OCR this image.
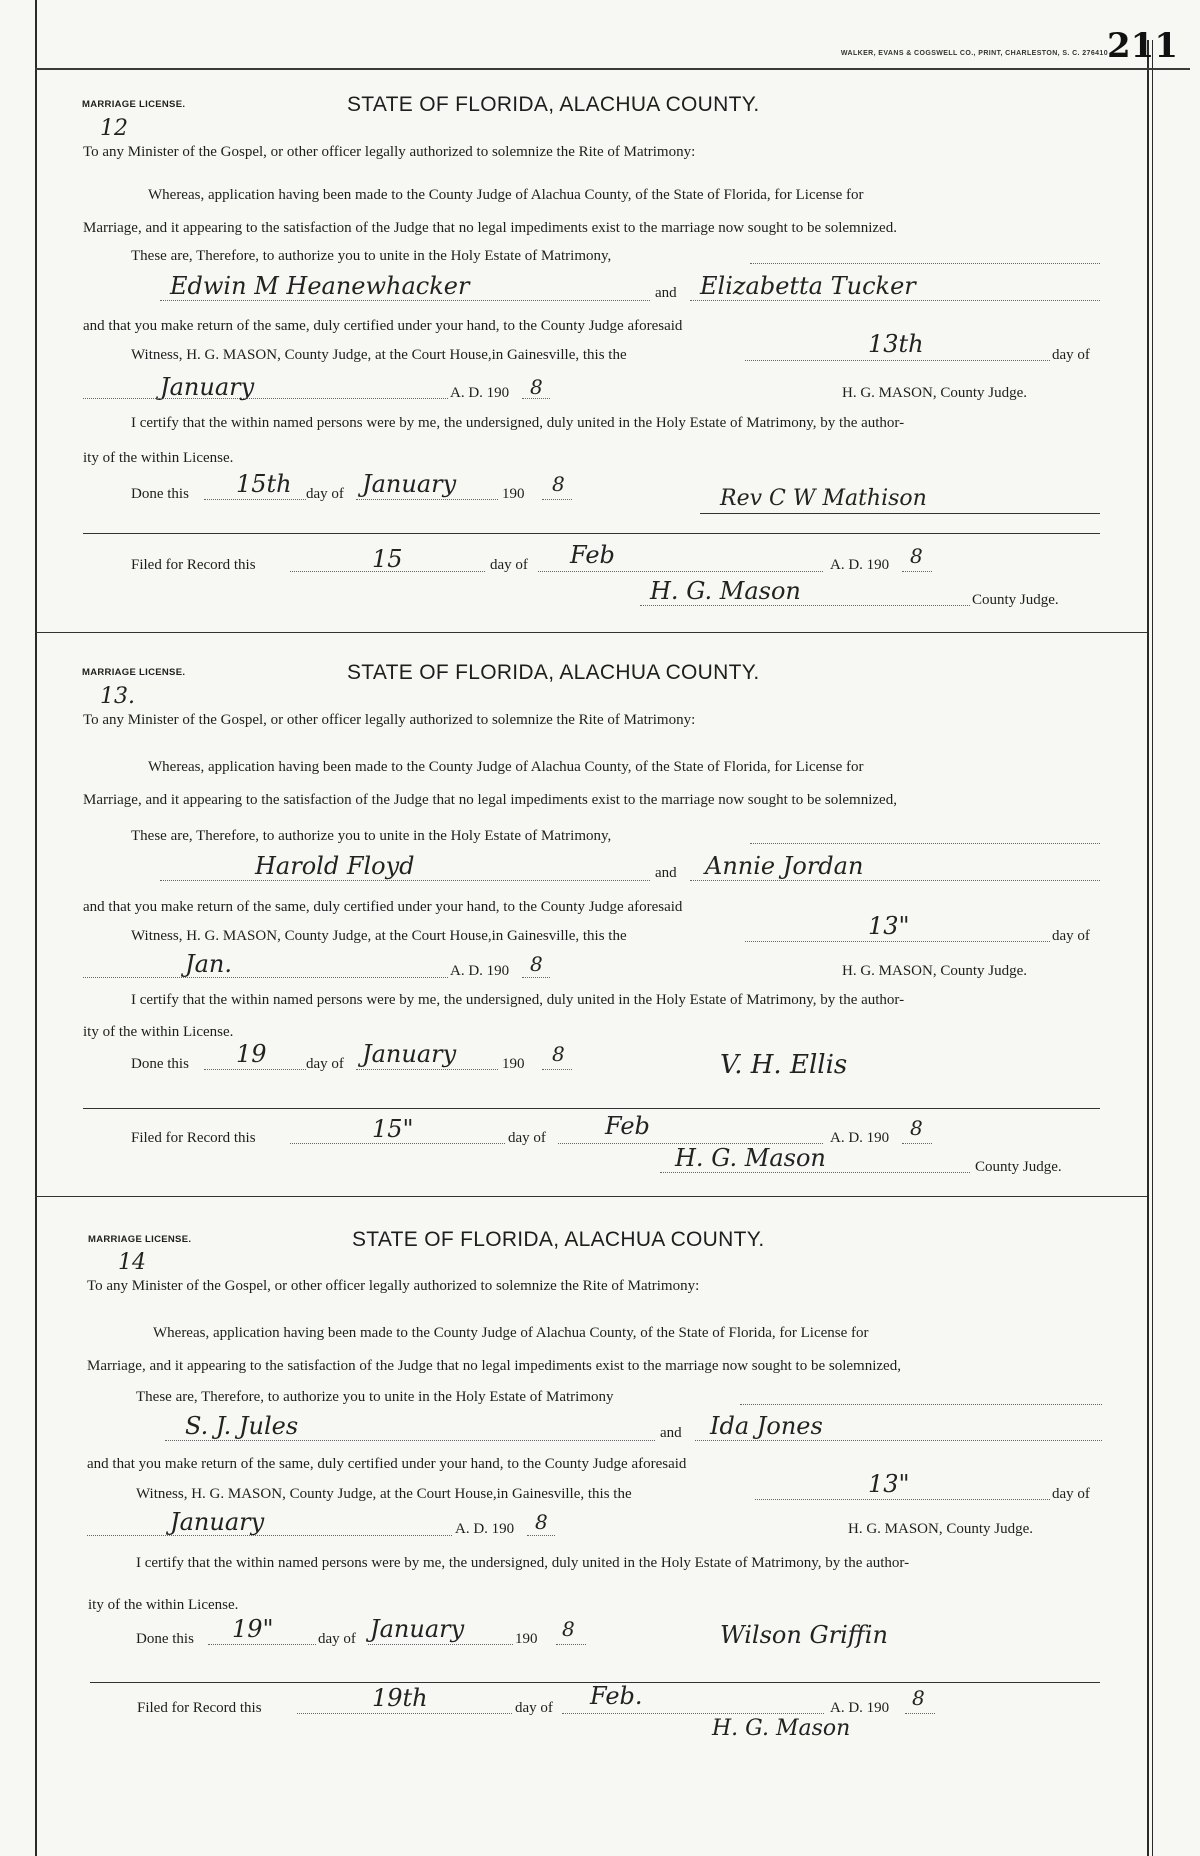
WALKER, EVANS & COGSWELL CO., PRINT, CHARLESTON, S. C. 276410 211
MARRIAGE LICENSE.	STATE OF FLORIDA, ALACHUA COUNTY.
12
To any Minister of the Gospel, or other officer legally authorized to solemnize the Rite of Matrimony:
Whereas, application having been made to the County Judge of Alachua County, of the State of Florida, for License for
Marriage, and it appearing to the satisfaction of the Judge that no legal impediments exist to the marriage now sought to be solemnized.
These are, Therefore, to authorize you to unite in the Holy Estate of Matrimony,
Edwin M Heanewhacker	and Elizabetta Tucker
and that you make return of the same, duly certified under your hand, to the County Judge aforesaid
Witness, H. G. MASON, County Judge, at the Court House,in Gainesville, this the	13th	day of
January	A. D. 190 8	H. G. MASON, County Judge.
I certify that the within named persons were by me, the undersigned, duly united in the Holy Estate of Matrimony, by the author-
ity of the within License.
Done this 15th day of January	190 8
Rev C W Mathison
Filed for Record this	15	day of Feb	A. D. 190 8
H. G. Mason	County Judge.
MARRIAGE LICENSE.	STATE OF FLORIDA, ALACHUA COUNTY.
13.
To any Minister of the Gospel, or other officer legally authorized to solemnize the Rite of Matrimony:
Whereas, application having been made to the County Judge of Alachua County, of the State of Florida, for License for
Marriage, and it appearing to the satisfaction of the Judge that no legal impediments exist to the marriage now sought to be solemnized,
These are, Therefore, to authorize you to unite in the Holy Estate of Matrimony,
Harold Floyd	and Annie Jordan
and that you make return of the same, duly certified under your hand, to the County Judge aforesaid
Witness, H. G. MASON, County Judge, at the Court House,in Gainesville, this the	13"	day of
Jan.	A. D. 190 8	H. G. MASON, County Judge.
I certify that the within named persons were by me, the undersigned, duly united in the Holy Estate of Matrimony, by the author-
ity of the within License.
Done this 19	day of January	190 8	V. H. Ellis
Filed for Record this	15"	day of Feb	A. D. 190 8
H. G. Mason	County Judge.
MARRIAGE LICENSE.	STATE OF FLORIDA, ALACHUA COUNTY.
14
To any Minister of the Gospel, or other officer legally authorized to solemnize the Rite of Matrimony:
Whereas, application having been made to the County Judge of Alachua County, of the State of Florida, for License for
Marriage, and it appearing to the satisfaction of the Judge that no legal impediments exist to the marriage now sought to be solemnized,
These are, Therefore, to authorize you to unite in the Holy Estate of Matrimony
S. J. Jules	and Ida Jones
and that you make return of the same, duly certified under your hand, to the County Judge aforesaid
Witness, H. G. MASON, County Judge, at the Court House,in Gainesville, this the	13"	day of
January	A. D. 190 8	H. G. MASON, County Judge.
I certify that the within named persons were by me, the undersigned, duly united in the Holy Estate of Matrimony, by the author-
ity of the within License.
Done this 19"	day of January	190 8	Wilson Griffin
Filed for Record this	19th	day of Feb.	A. D. 190 8
H. G. Mason
